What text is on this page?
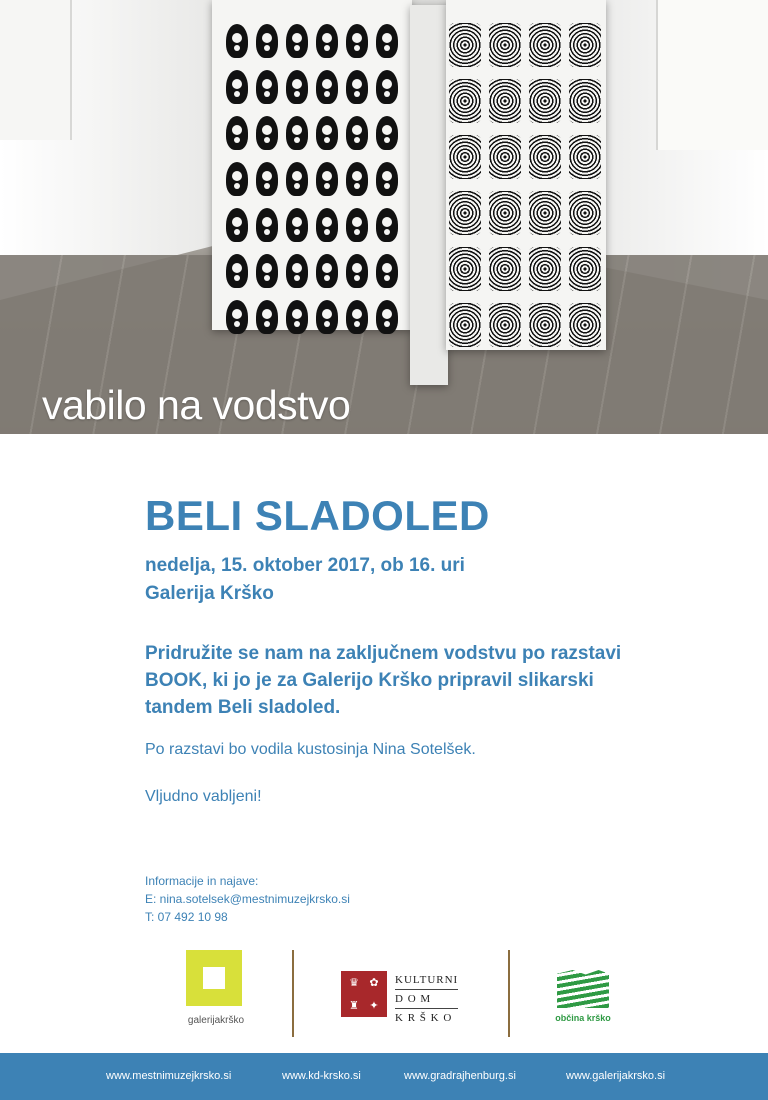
vabilo na vodstvo
BELI SLADOLED
nedelja, 15. oktober 2017, ob 16. uri
Galerija Krško

Pridružite se nam na zaključnem vodstvu po razstavi BOOK, ki jo je za Galerijo Krško pripravil slikarski tandem Beli sladoled.

Po razstavi bo vodila kustosinja Nina Sotelšek.

Vljudno vabljeni!

Informacije in najave:
E: nina.sotelsek@mestnimuzejkrsko.si
T: 07 492 10 98
galerijakrško
♛ ✿
♜ ✦
KULTURNI
D O M
K R Š K O	občina krško
www.mestnimuzejkrsko.si	www.kd-krsko.si	www.gradrajhenburg.si	www.galerijakrsko.si
